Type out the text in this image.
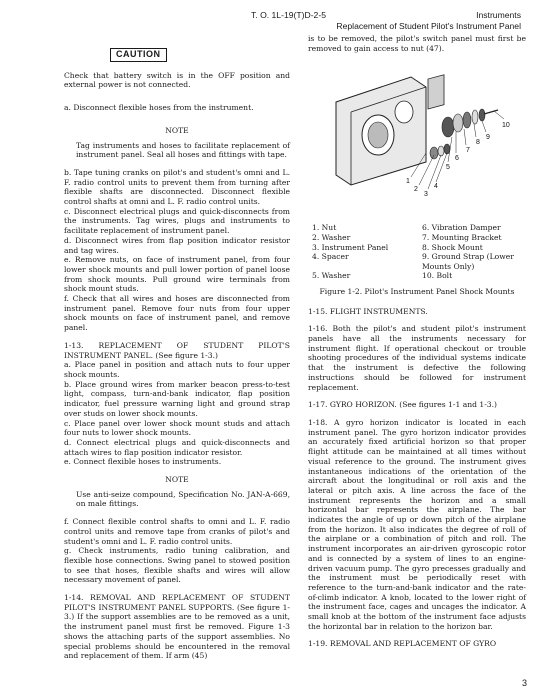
T. O. 1L-19(T)D-2-5	Instruments
Replacement of Student Pilot's Instrument Panel
CAUTION

Check that battery switch is in the OFF position and external power is not connected.

a. Disconnect flexible hoses from the instrument.

NOTE

Tag instruments and hoses to facilitate replacement of instrument panel. Seal all hoses and fittings with tape.

b. Tape tuning cranks on pilot's and student's omni and L. F. radio control units to prevent them from turning after flexible shafts are disconnected. Disconnect flexible control shafts at omni and L. F. radio control units.

c. Disconnect electrical plugs and quick-disconnects from the instruments. Tag wires, plugs and instruments to facilitate replacement of instrument panel.

d. Disconnect wires from flap position indicator resistor and tag wires.

e. Remove nuts, on face of instrument panel, from four lower shock mounts and pull lower portion of panel loose from shock mounts. Pull ground wire terminals from shock mount studs.

f. Check that all wires and hoses are disconnected from instrument panel. Remove four nuts from four upper shock mounts on face of instrument panel, and remove panel.

1-13. REPLACEMENT OF STUDENT PILOT'S INSTRUMENT PANEL. (See figure 1-3.)

a. Place panel in position and attach nuts to four upper shock mounts.

b. Place ground wires from marker beacon press-to-test light, compass, turn-and-bank indicator, flap position indicator, fuel pressure warning light and ground strap over studs on lower shock mounts.

c. Place panel over lower shock mount studs and attach four nuts to lower shock mounts.

d. Connect electrical plugs and quick-disconnects and attach wires to flap position indicator resistor.

e. Connect flexible hoses to instruments.

NOTE

Use anti-seize compound, Specification No. JAN-A-669, on male fittings.

f. Connect flexible control shafts to omni and L. F. radio control units and remove tape from cranks of pilot's and student's omni and L. F. radio control units.

g. Check instruments, radio tuning calibration, and flexible hose connections. Swing panel to stowed position to see that hoses, flexible shafts and wires will allow necessary movement of panel.

1-14. REMOVAL AND REPLACEMENT OF STUDENT PILOT'S INSTRUMENT PANEL SUPPORTS. (See figure 1-3.) If the support assemblies are to be removed as a unit, the instrument panel must first be removed. Figure 1-3 shows the attaching parts of the support assemblies. No special problems should be encountered in the removal and replacement of them. If arm (45)

is to be removed, the pilot's switch panel must first be removed to gain access to nut (47).

1
2
3
4
5
6
7
8
9
10
1. Nut	6. Vibration Damper
2. Washer	7. Mounting Bracket
3. Instrument Panel	8. Shock Mount
4. Spacer	9. Ground Strap (Lower Mounts Only)
5. Washer	10. Bolt

Figure 1-2. Pilot's Instrument Panel Shock Mounts

1-15. FLIGHT INSTRUMENTS.

1-16. Both the pilot's and student pilot's instrument panels have all the instruments necessary for instrument flight. If operational checkout or trouble shooting procedures of the individual systems indicate that the instrument is defective the following instructions should be followed for instrument replacement.

1-17. GYRO HORIZON. (See figures 1-1 and 1-3.)

1-18. A gyro horizon indicator is located in each instrument panel. The gyro horizon indicator provides an accurately fixed artificial horizon so that proper flight attitude can be maintained at all times without visual reference to the ground. The instrument gives instantaneous indications of the orientation of the aircraft about the longitudinal or roll axis and the lateral or pitch axis. A line across the face of the instrument represents the horizon and a small horizontal bar represents the airplane. The bar indicates the angle of up or down pitch of the airplane from the horizon. It also indicates the degree of roll of the airplane or a combination of pitch and roll. The instrument incorporates an air-driven gyroscopic rotor and is connected by a system of lines to an engine-driven vacuum pump. The gyro precesses gradually and the instrument must be periodically reset with reference to the turn-and-bank indicator and the rate-of-climb indicator. A knob, located to the lower right of the instrument face, cages and uncages the indicator. A small knob at the bottom of the instrument face adjusts the horizontal bar in relation to the horizon bar.

1-19. REMOVAL AND REPLACEMENT OF GYRO

3
